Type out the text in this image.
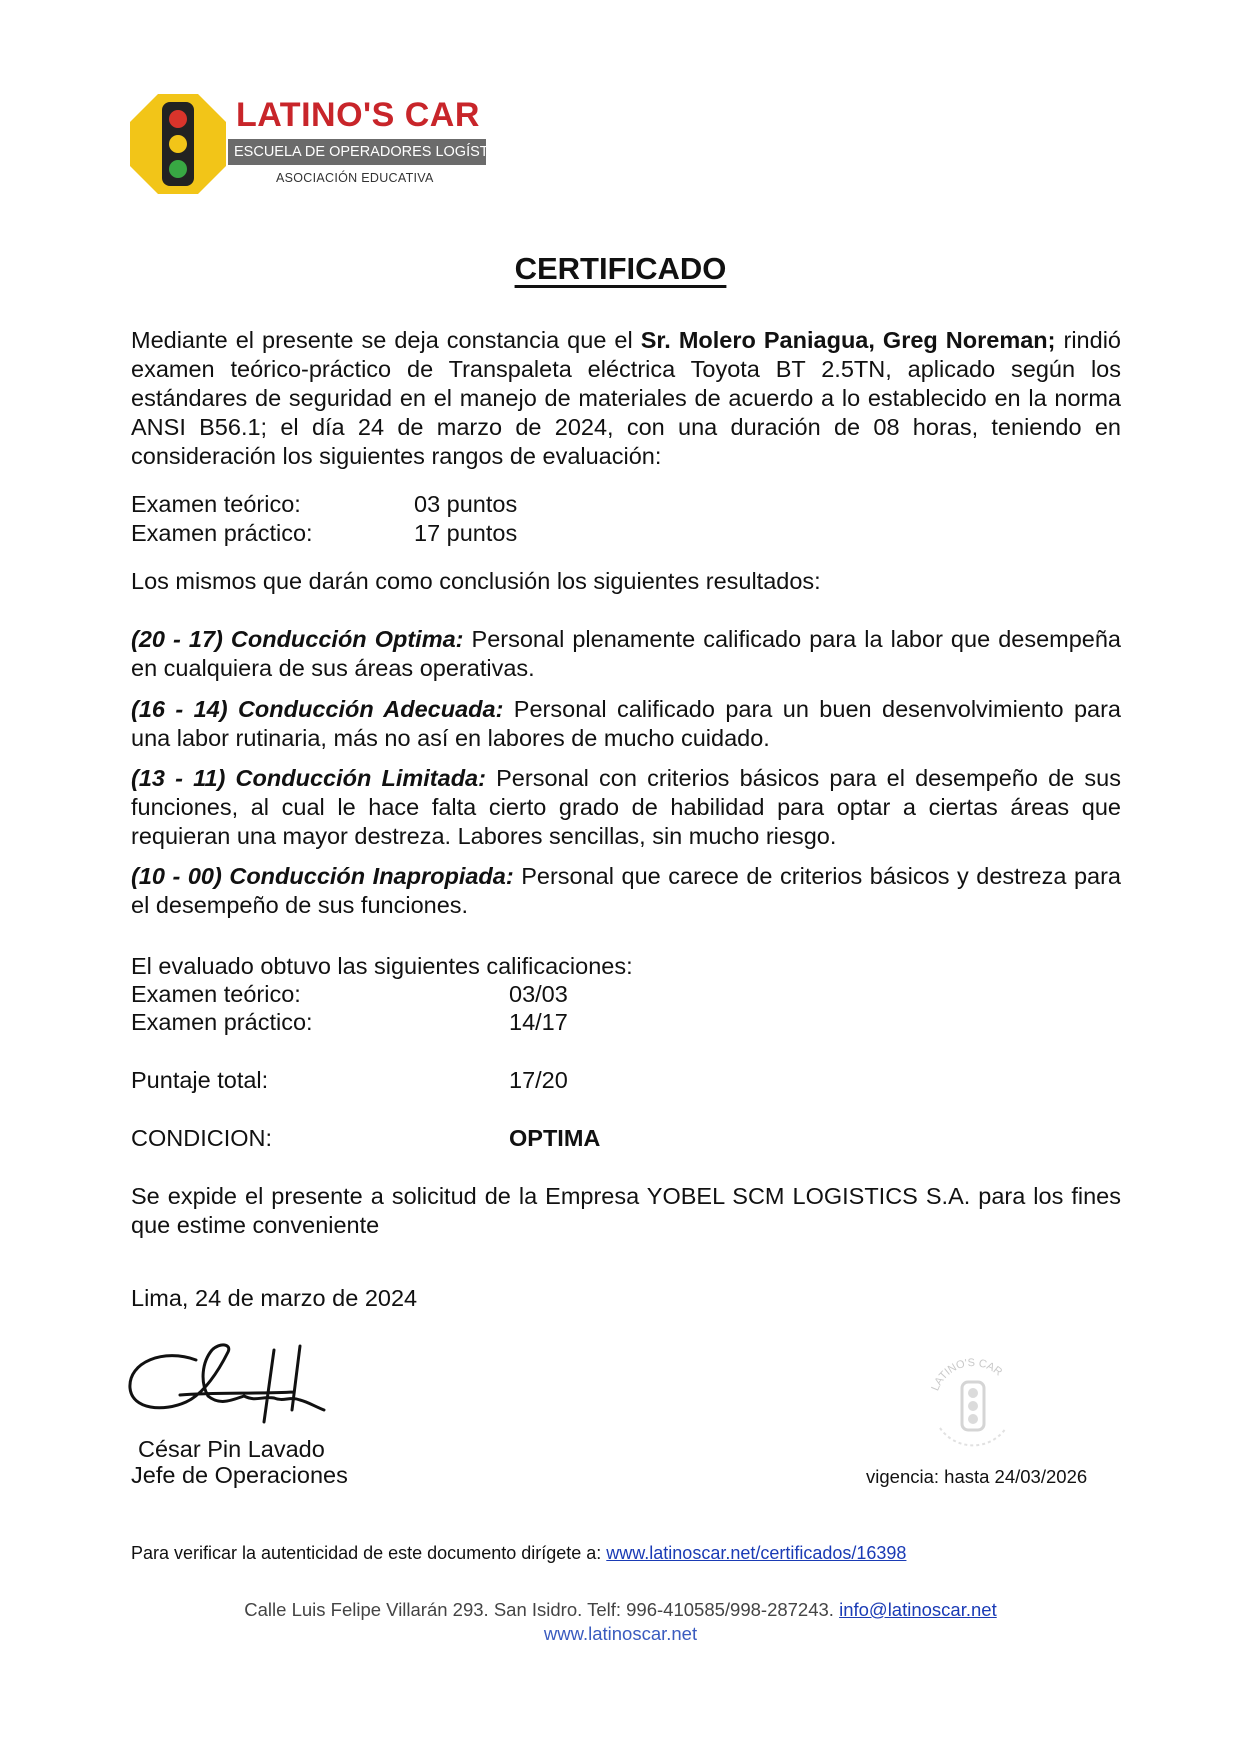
LATINO'S CAR
ESCUELA DE OPERADORES LOGÍSTICOS
ASOCIACIÓN EDUCATIVA
CERTIFICADO
Mediante el presente se deja constancia que el Sr. Molero Paniagua, Greg Noreman; rindió examen teórico-práctico de Transpaleta eléctrica Toyota BT 2.5TN, aplicado según los estándares de seguridad en el manejo de materiales de acuerdo a lo establecido en la norma ANSI B56.1; el día 24 de marzo de 2024, con una duración de 08 horas, teniendo en consideración los siguientes rangos de evaluación:
Examen teórico:	03 puntos
Examen práctico:	17 puntos
Los mismos que darán como conclusión los siguientes resultados:
(20 - 17) Conducción Optima: Personal plenamente calificado para la labor que desempeña en cualquiera de sus áreas operativas.
(16 - 14) Conducción Adecuada: Personal calificado para un buen desenvolvimiento para una labor rutinaria, más no así en labores de mucho cuidado.
(13 - 11) Conducción Limitada: Personal con criterios básicos para el desempeño de sus funciones, al cual le hace falta cierto grado de habilidad para optar a ciertas áreas que requieran una mayor destreza. Labores sencillas, sin mucho riesgo.
(10 - 00) Conducción Inapropiada: Personal que carece de criterios básicos y destreza para el desempeño de sus funciones.
El evaluado obtuvo las siguientes calificaciones:
Examen teórico:	03/03
Examen práctico:	14/17
Puntaje total:	17/20
CONDICION:	OPTIMA
Se expide el presente a solicitud de la Empresa YOBEL SCM LOGISTICS S.A. para los fines que estime conveniente
Lima, 24 de marzo de 2024
César Pin Lavado
Jefe de Operaciones
LATINO'S CAR
vigencia: hasta 24/03/2026
Para verificar la autenticidad de este documento dirígete a: www.latinoscar.net/certificados/16398
Calle Luis Felipe Villarán 293. San Isidro. Telf: 996-410585/998-287243. info@latinoscar.net
www.latinoscar.net
